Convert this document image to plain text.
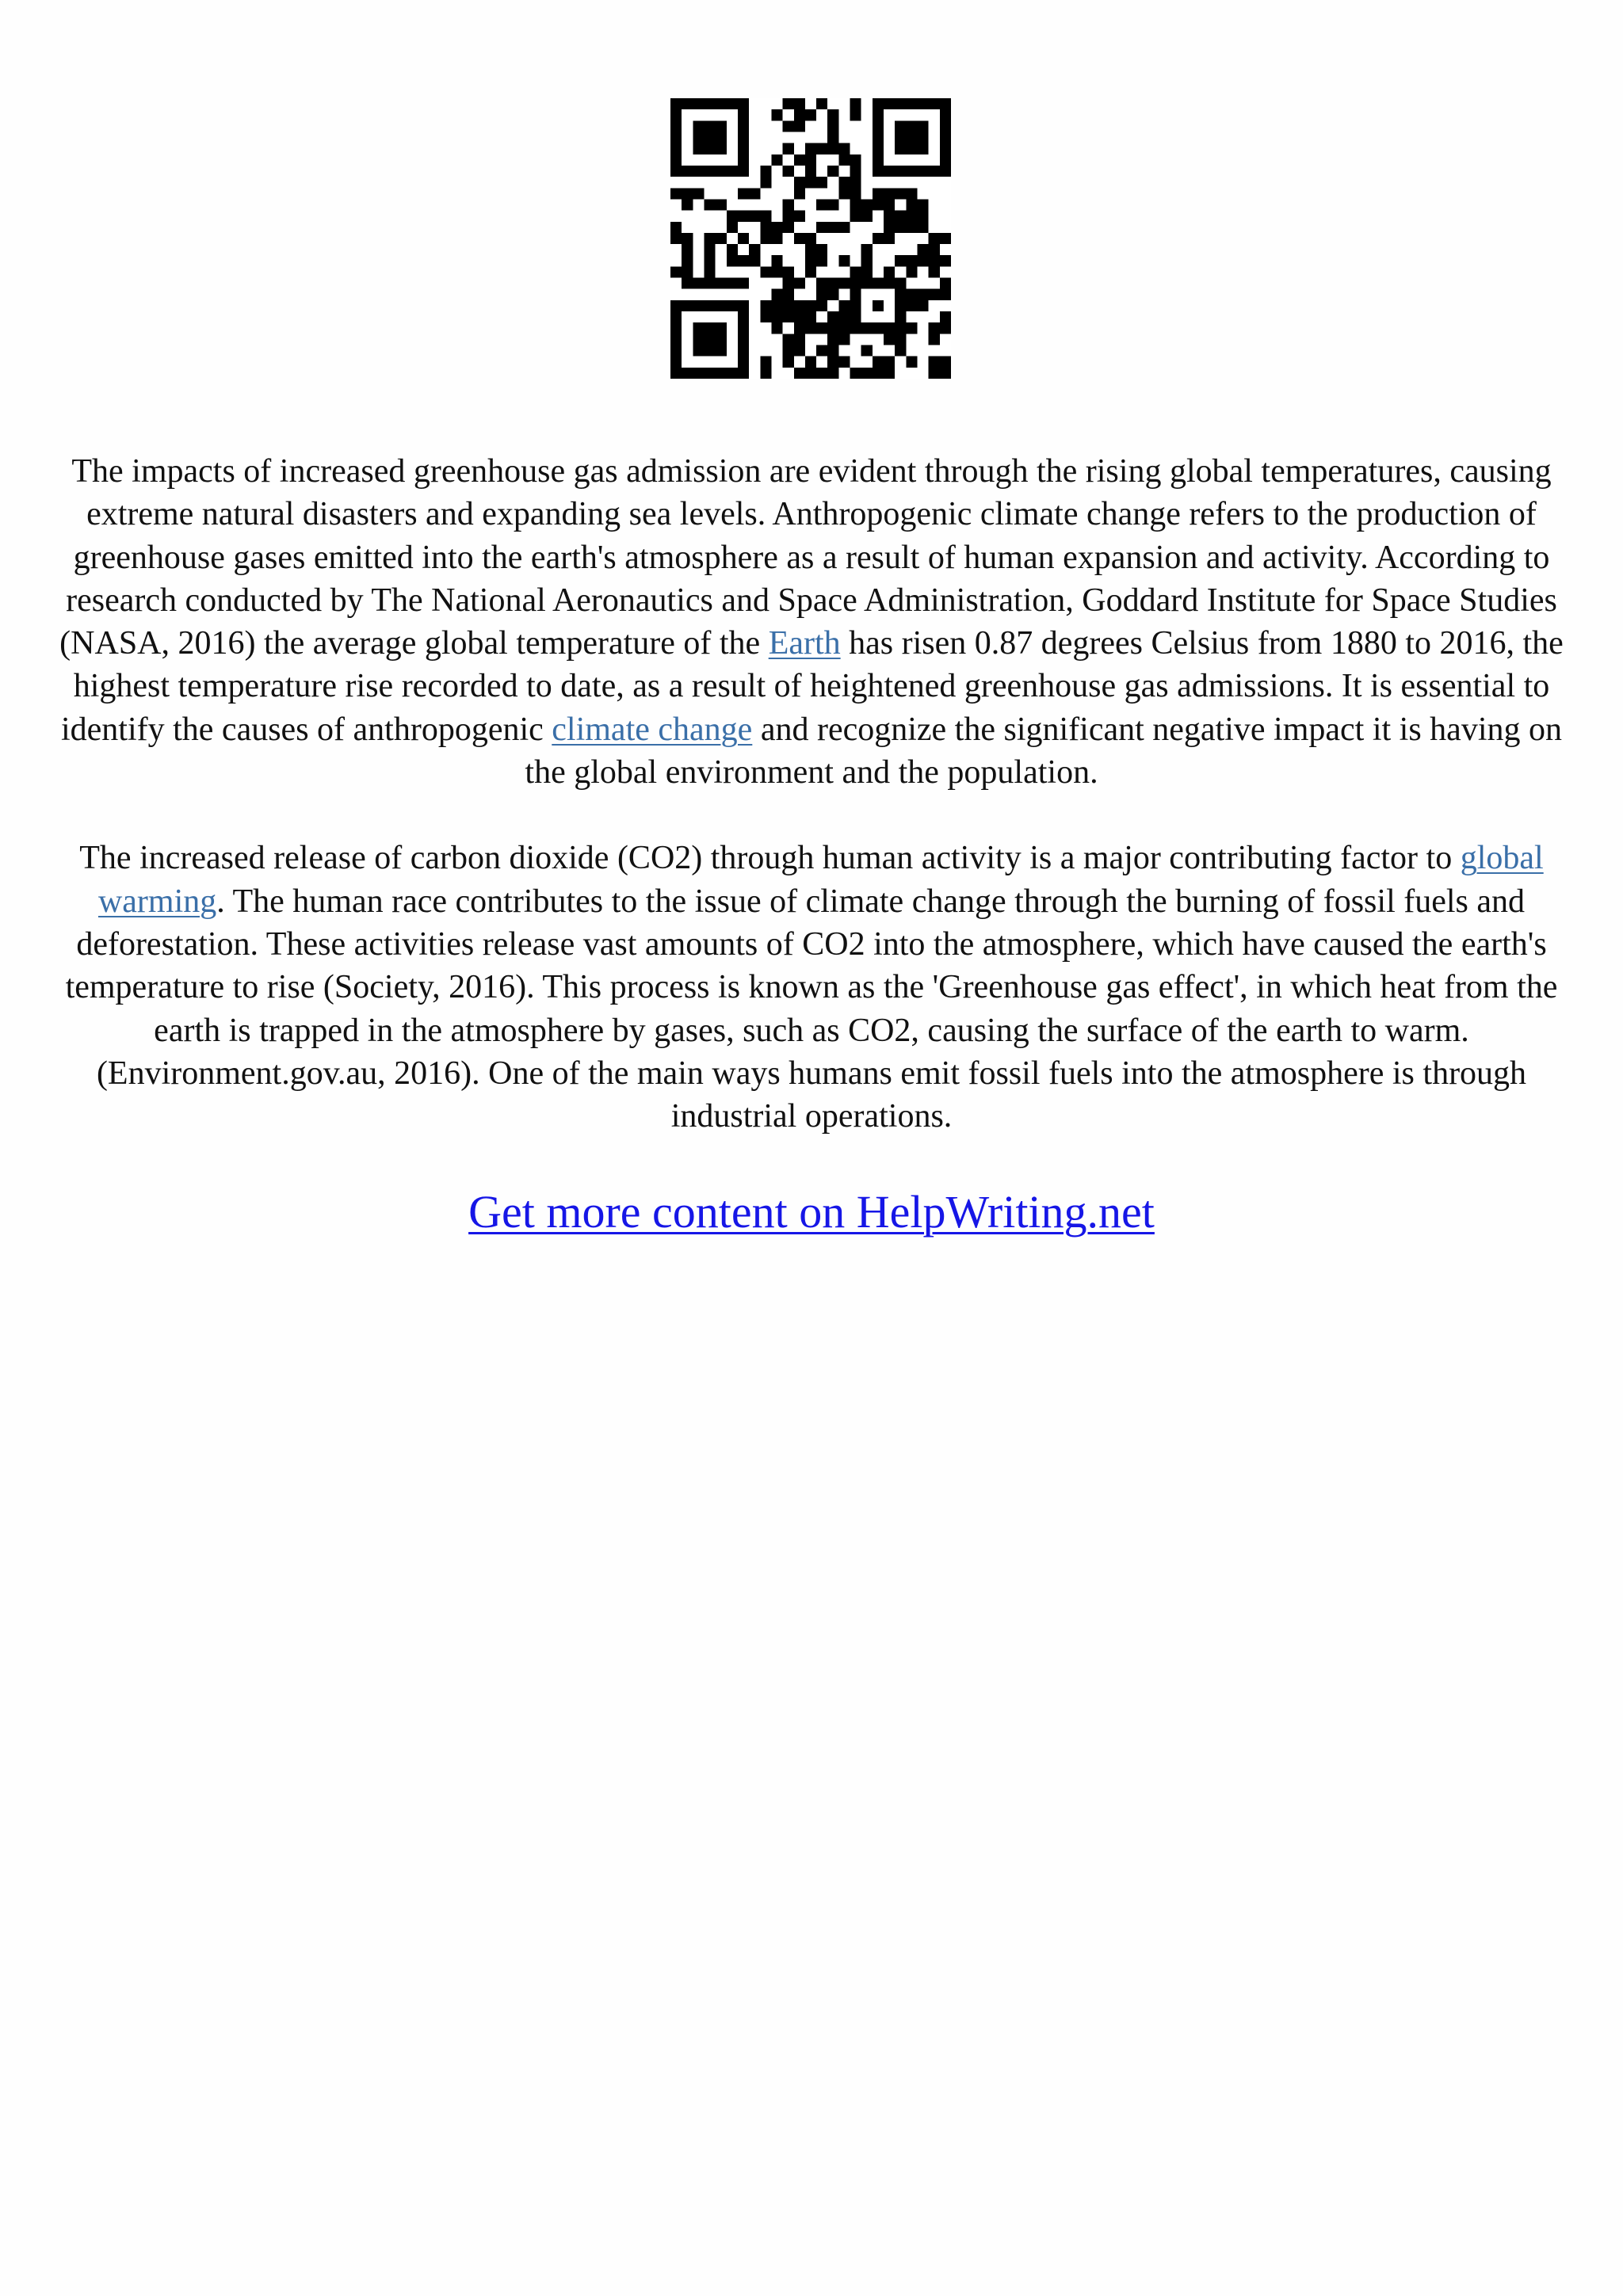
The impacts of increased greenhouse gas admission are evident through the rising global temperatures, causing extreme natural disasters and expanding sea levels. Anthropogenic climate change refers to the production of greenhouse gases emitted into the earth's atmosphere as a result of human expansion and activity. According to research conducted by The National Aeronautics and Space Administration, Goddard Institute for Space Studies (NASA, 2016) the average global temperature of the Earth has risen 0.87 degrees Celsius from 1880 to 2016, the highest temperature rise recorded to date, as a result of heightened greenhouse gas admissions. It is essential to identify the causes of anthropogenic climate change and recognize the significant negative impact it is having on the global environment and the population.

The increased release of carbon dioxide (CO2) through human activity is a major contributing factor to global warming. The human race contributes to the issue of climate change through the burning of fossil fuels and deforestation. These activities release vast amounts of CO2 into the atmosphere, which have caused the earth's temperature to rise (Society, 2016). This process is known as the 'Greenhouse gas effect', in which heat from the earth is trapped in the atmosphere by gases, such as CO2, causing the surface of the earth to warm. (Environment.gov.au, 2016). One of the main ways humans emit fossil fuels into the atmosphere is through industrial operations.

Get more content on HelpWriting.net
